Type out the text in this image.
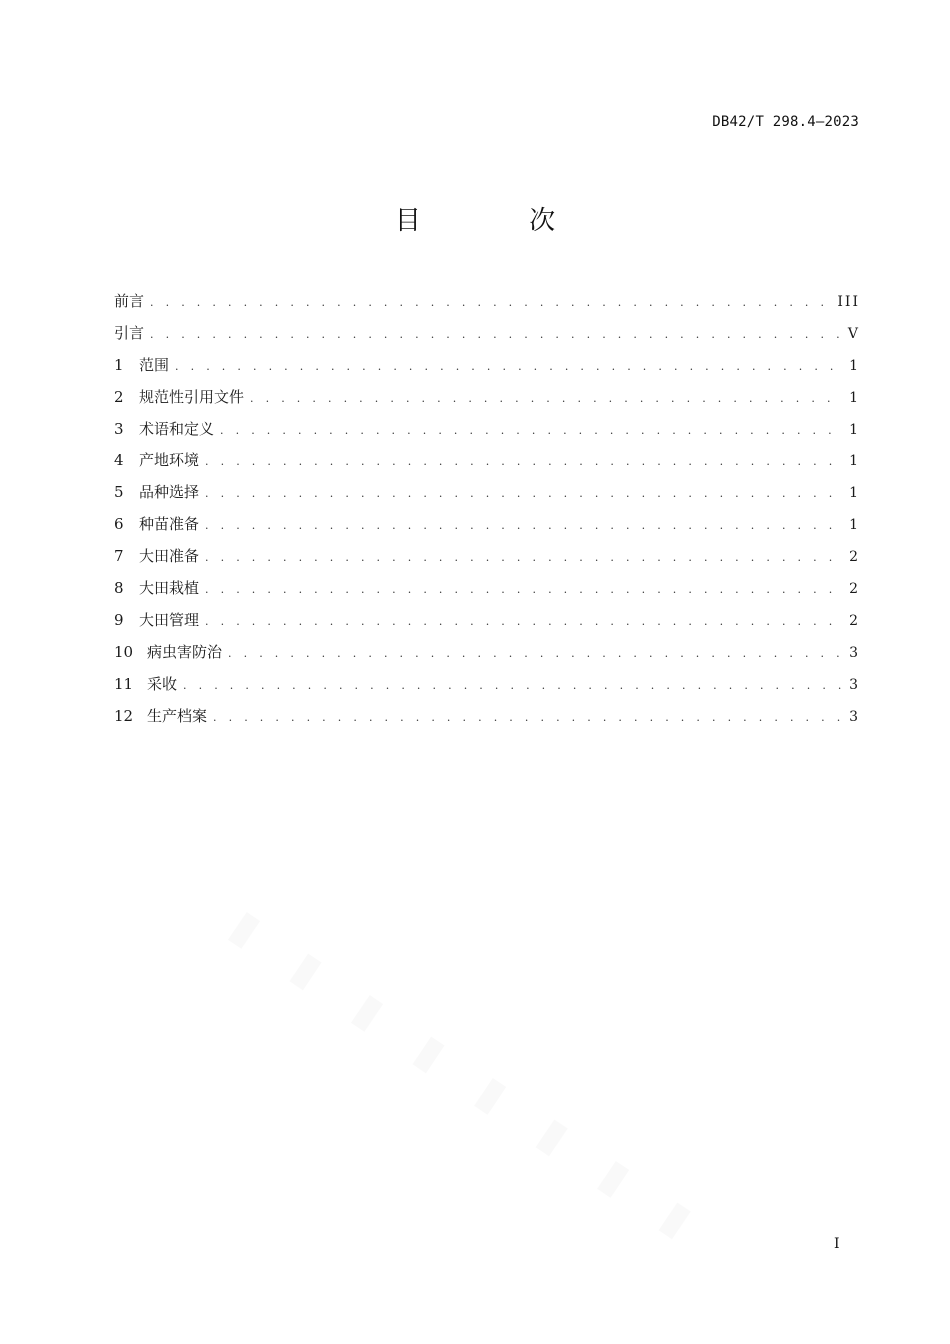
DB42/T 298.4—2023
目 次
前言 . . .	III
引言 . . .	V
1 范围 . . .	1
2 规范性引用文件 . . .	1
3 术语和定义 . . .	1
4 产地环境 . . .	1
5 品种选择 . . .	1
6 种苗准备 . . .	1
7 大田准备 . . .	2
8 大田栽植 . . .	2
9 大田管理 . . .	2
10 病虫害防治 . . .	3
11 采收 . . .	3
12 生产档案 . . .	3
I
